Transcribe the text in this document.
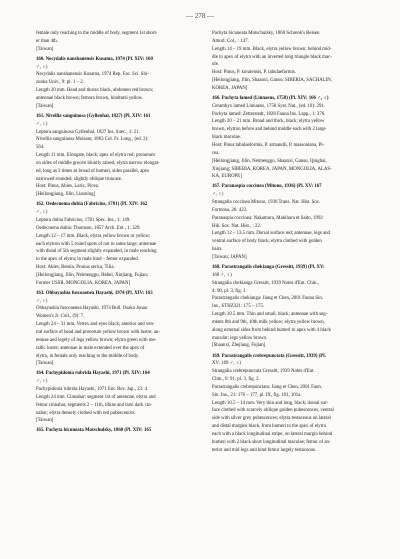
— 278 —
female only reaching to the middle of body, segment 1st short-
er than 4th.
[Taiwan]
160. Necydalis nanshanensis Kusama, 1974 (Pl. XIV: 160
♂, ♀)
Necydalis nanshanensis Kusama, 1974 Rep. Fac. Sci. Shi-
zuoka Univ., 9: pl. 1 – 2.
Length 20 mm. Head and thorax black, abdomen red brown;
antennae black brown; femora brown, hindtarsi yellow.
[Taiwan]
161. Nivellia sanguinosa (Gyllenhal, 1827) (Pl. XIV: 161
♂, ♀)
Leptura sanguinosa Gyllenhal, 1827 Ins. Suec., 1: 21.
Nivellia sanguinosa Mulsant, 1863 Col. Fr. Long., (ed. 2):
564.
Length 11 mm. Elongate, black; apex of elytra red; pronotum
on sides of middle groove bluntly raised; elytra narrow elongat-
ed, long as 3 times as broad of humeri, sides parallel, apex
narrowed rounded, slightly oblique truncate.
Host: Pinus, Abies, Larix, Picea.
[Heilongjiang, Jilin, Liaoning]
162. Oedecnema dubia (Fabricius, 1781) (Pl. XIV: 162
♂, ♀)
Leptura dubia Fabricius, 1781 Spec. Ins., 1: 149.
Oedecnema dubia: Thomson, 1857 Arch. Ent., 1: 329.
Length 12 – 17 mm. Black, elytra yellow brown or yellow;
each elytron with 5 round spots of not in same large; antennae
with distal of 5th segment slightly expanded, in male reaching
to the apex of elytra; in male hind – femur expanded.
Host: Abies, Betula, Prunus serica, Tilia.
[Heilongjiang, Jilin, Neimenggu, Hebei, Xinjiang, Fujian;
Former USSR, MONGOLIA, KOREA, JAPAN]
163. Ohbayashia fuscoaenea Hayashi, 1974 (Pl. XIV: 163
♂, ♀)
Ohbayashia fuscoaenea Hayashi, 1974 Bull. Osaka Jonan
Women's Jr. Coll., (9): 7.
Length 24 – 31 mm. Vertex and eyes black; anterior and ven-
tral surface of head and pronotum yellow brown with lustre; an-
tennae and legely of legs yellow brown; elytra green with me-
tallic lustre; antennae in male extended over the apex of
elytra, in female only reaching to the middle of body.
[Taiwan]
164. Pachypidonia rubrida Hayashi, 1971 (Pl. XIV: 164
♂, ♀)
Pachypidonia rubrida Hayashi, 1971 Ent. Rev. Jap., 23: 4.
Length 24 mm. Cinnabar; segment 1st of antennae, elytra and
femur cinnabar, segments 2 – 11th, tibiae and tarsi dark cin-
nabar; elytra densely clothed with red pubescences.
[Taiwan]
165. Pachyta bicuneata Motschulsky, 1860 (Pl. XIV: 165
Pachyta bicuneata Motschulsky, 1860 Schrenk's Reisen
Amurl. Col., : 147.
Length 14 – 19 mm. Black, elytra yellow brown; behind mid-
dle to apex of elytra with an inverted long triangle black mac-
ule.
Host: Pinus, P. koraiensis, P. tabulaeformis.
[Heilongjiang, Jilin, Shaanxi, Gansu; SIBERIA, SACHALIN,
KOREA, JAPAN]
166. Pachyta lamed (Linnaeus, 1758) (Pl. XIV: 166 ♂, ♀)
Cerambyx lamed Linnaeus, 1758 Syst. Nat., (ed. 10): 291.
Pachyta lamed: Zetterstedt, 1828 Fauna Ins. Lapp., 1: 376.
Length 20 – 21 mm. Broad and thick, black; elytra yellow
brown, elytron before and behind middle each with 2 large
black maculae.
Host: Pinus tabulaeformis, P. armandii, P. massoniana, Pi-
cea.
[Heilongjiang, Jilin, Neimenggu, Shaanxi, Gansu, Qinghai,
Xinjiang; SIBERIA, KOREA, JAPAN, MONGOLIA, ALAS-
KA, EUROPE]
167. Paranaspia coccinea (Mitono, 1936) (Pl. XV: 167
♂, ♀)
Strangalia coccinea Mitono, 1936 Trans. Nat. Hist. Soc.
Formosa, 26: 423.
Paranaspia coccinea: Nakamura, Makihara et Saito, 1992
Hik. Soc. Nat. Hist., : 22.
Length 12 – 13.5 mm. Dorsal surface red; antennae, legs and
ventral surface of body black; elytra clothed with golden
hairs.
[Taiwan; JAPAN]
168. Parastrangalis chekianga (Gressitt, 1939) (Pl. XV:
168 ♂, ♀)
Strangalia chekianga Gressitt, 1939 Notes d'Ent. Chin.,
4: 90, pl. 3, fig. 1.
Parastrangalis chekianga: Jiang et Chen, 2001 Fauna Sin.
Ins., STHZ321: 175 – 175.
Length 10.5 mm. Thin and small, black; antennae with seg-
ments 8th and 9th, 10th milk yellow; elytra yellow brown,
along external sides from behind humeri to apex with 4 black
macular; legs yellow brown.
[Shaanxi, Zhejiang, Fujian]
169. Parastrangalis crebrepunctata (Gressitt, 1939) (Pl.
XV: 169 ♂, ♀)
Strangalia crebrepunctata Gressitt, 1939 Notes d'Ent.
Chin., 6: 91, pl. 3, fig. 2.
Parastrangalis crebrepunctata: Jiang et Chen, 2001 Faun.
Sin. Ins., 21: 176 – 177, pl. IX, fig. 101, 101a.
Length 10.5 – 14 mm. Very thin and long, black; dorsal sur-
face clothed with scarcely oblique golden pubescences, ventral
side with silver grey pubescences; elytra testaceous on lateral
and distal margins black, from humeri to the apex of elytra
each with a black longitudinal stripe, on lateral margin behind
humeri with 2 black short longitudinal maculae; femur of an-
terior and mid legs and hind femur largely testaceous.
